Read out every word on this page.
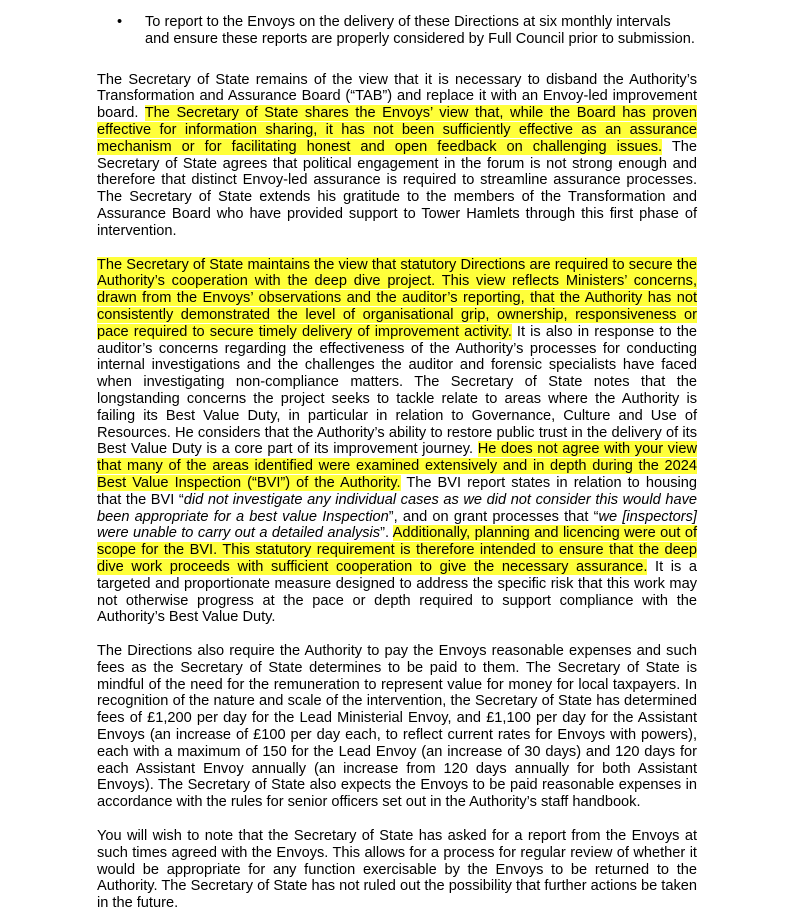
•	To report to the Envoys on the delivery of these Directions at six monthly intervals and ensure these reports are properly considered by Full Council prior to submission.

The Secretary of State remains of the view that it is necessary to disband the Authority’s Transformation and Assurance Board (“TAB”) and replace it with an Envoy-led improvement board. The Secretary of State shares the Envoys’ view that, while the Board has proven effective for information sharing, it has not been sufficiently effective as an assurance mechanism or for facilitating honest and open feedback on challenging issues. The Secretary of State agrees that political engagement in the forum is not strong enough and therefore that distinct Envoy-led assurance is required to streamline assurance processes. The Secretary of State extends his gratitude to the members of the Transformation and Assurance Board who have provided support to Tower Hamlets through this first phase of intervention.

The Secretary of State maintains the view that statutory Directions are required to secure the Authority’s cooperation with the deep dive project. This view reflects Ministers’ concerns, drawn from the Envoys’ observations and the auditor’s reporting, that the Authority has not consistently demonstrated the level of organisational grip, ownership, responsiveness or pace required to secure timely delivery of improvement activity. It is also in response to the auditor’s concerns regarding the effectiveness of the Authority’s processes for conducting internal investigations and the challenges the auditor and forensic specialists have faced when investigating non-compliance matters. The Secretary of State notes that the longstanding concerns the project seeks to tackle relate to areas where the Authority is failing its Best Value Duty, in particular in relation to Governance, Culture and Use of Resources. He considers that the Authority’s ability to restore public trust in the delivery of its Best Value Duty is a core part of its improvement journey. He does not agree with your view that many of the areas identified were examined extensively and in depth during the 2024 Best Value Inspection (“BVI”) of the Authority. The BVI report states in relation to housing that the BVI “did not investigate any individual cases as we did not consider this would have been appropriate for a best value Inspection”, and on grant processes that “we [inspectors] were unable to carry out a detailed analysis”. Additionally, planning and licencing were out of scope for the BVI. This statutory requirement is therefore intended to ensure that the deep dive work proceeds with sufficient cooperation to give the necessary assurance. It is a targeted and proportionate measure designed to address the specific risk that this work may not otherwise progress at the pace or depth required to support compliance with the Authority’s Best Value Duty.

The Directions also require the Authority to pay the Envoys reasonable expenses and such fees as the Secretary of State determines to be paid to them. The Secretary of State is mindful of the need for the remuneration to represent value for money for local taxpayers. In recognition of the nature and scale of the intervention, the Secretary of State has determined fees of £1,200 per day for the Lead Ministerial Envoy, and £1,100 per day for the Assistant Envoys (an increase of £100 per day each, to reflect current rates for Envoys with powers), each with a maximum of 150 for the Lead Envoy (an increase of 30 days) and 120 days for each Assistant Envoy annually (an increase from 120 days annually for both Assistant Envoys). The Secretary of State also expects the Envoys to be paid reasonable expenses in accordance with the rules for senior officers set out in the Authority’s staff handbook.

You will wish to note that the Secretary of State has asked for a report from the Envoys at such times agreed with the Envoys. This allows for a process for regular review of whether it would be appropriate for any function exercisable by the Envoys to be returned to the Authority. The Secretary of State has not ruled out the possibility that further actions be taken in the future.
